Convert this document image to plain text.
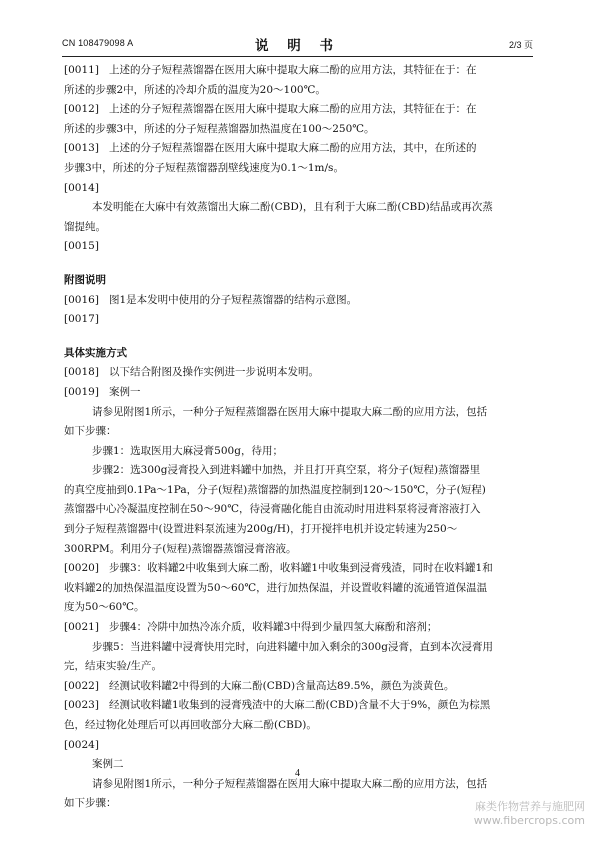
CN 108479098 A	说 明 书	2/3 页

[0011] 上述的分子短程蒸馏器在医用大麻中提取大麻二酚的应用方法，其特征在于：在

所述的步骤2中，所述的冷却介质的温度为20～100℃。

[0012] 上述的分子短程蒸馏器在医用大麻中提取大麻二酚的应用方法，其特征在于：在

所述的步骤3中，所述的分子短程蒸馏器加热温度在100～250℃。

[0013] 上述的分子短程蒸馏器在医用大麻中提取大麻二酚的应用方法，其中，在所述的

步骤3中，所述的分子短程蒸馏器刮壁线速度为0.1～1m/s。

[0014]

本发明能在大麻中有效蒸馏出大麻二酚(CBD)，且有利于大麻二酚(CBD)结晶或再次蒸

馏提纯。

[0015]

附图说明

[0016] 图1是本发明中使用的分子短程蒸馏器的结构示意图。

[0017]

具体实施方式

[0018] 以下结合附图及操作实例进一步说明本发明。

[0019] 案例一

请参见附图1所示，一种分子短程蒸馏器在医用大麻中提取大麻二酚的应用方法，包括

如下步骤：

步骤1：选取医用大麻浸膏500g，待用；

步骤2：选300g浸膏投入到进料罐中加热，并且打开真空泵，将分子(短程)蒸馏器里

的真空度抽到0.1Pa～1Pa，分子(短程)蒸馏器的加热温度控制到120～150℃，分子(短程)

蒸馏器中心冷凝温度控制在50～90℃，待浸膏融化能自由流动时用进料泵将浸膏溶液打入

到分子短程蒸馏器中(设置进料泵流速为200g/H)，打开搅拌电机并设定转速为250～

300RPM。利用分子(短程)蒸馏器蒸馏浸膏溶液。

[0020] 步骤3：收料罐2中收集到大麻二酚，收料罐1中收集到浸膏残渣，同时在收料罐1和

收料罐2的加热保温温度设置为50～60℃，进行加热保温，并设置收料罐的流通管道保温温

度为50～60℃。

[0021] 步骤4：冷阱中加热冷冻介质，收料罐3中得到少量四氢大麻酚和溶剂；

步骤5：当进料罐中浸膏快用完时，向进料罐中加入剩余的300g浸膏，直到本次浸膏用

完，结束实验/生产。

[0022] 经测试收料罐2中得到的大麻二酚(CBD)含量高达89.5%，颜色为淡黄色。

[0023] 经测试收料罐1收集到的浸膏残渣中的大麻二酚(CBD)含量不大于9%，颜色为棕黑

色，经过物化处理后可以再回收部分大麻二酚(CBD)。

[0024]

案例二

请参见附图1所示，一种分子短程蒸馏器在医用大麻中提取大麻二酚的应用方法，包括

如下步骤：

4
麻类作物营养与施肥网
www.fibercrops.com
